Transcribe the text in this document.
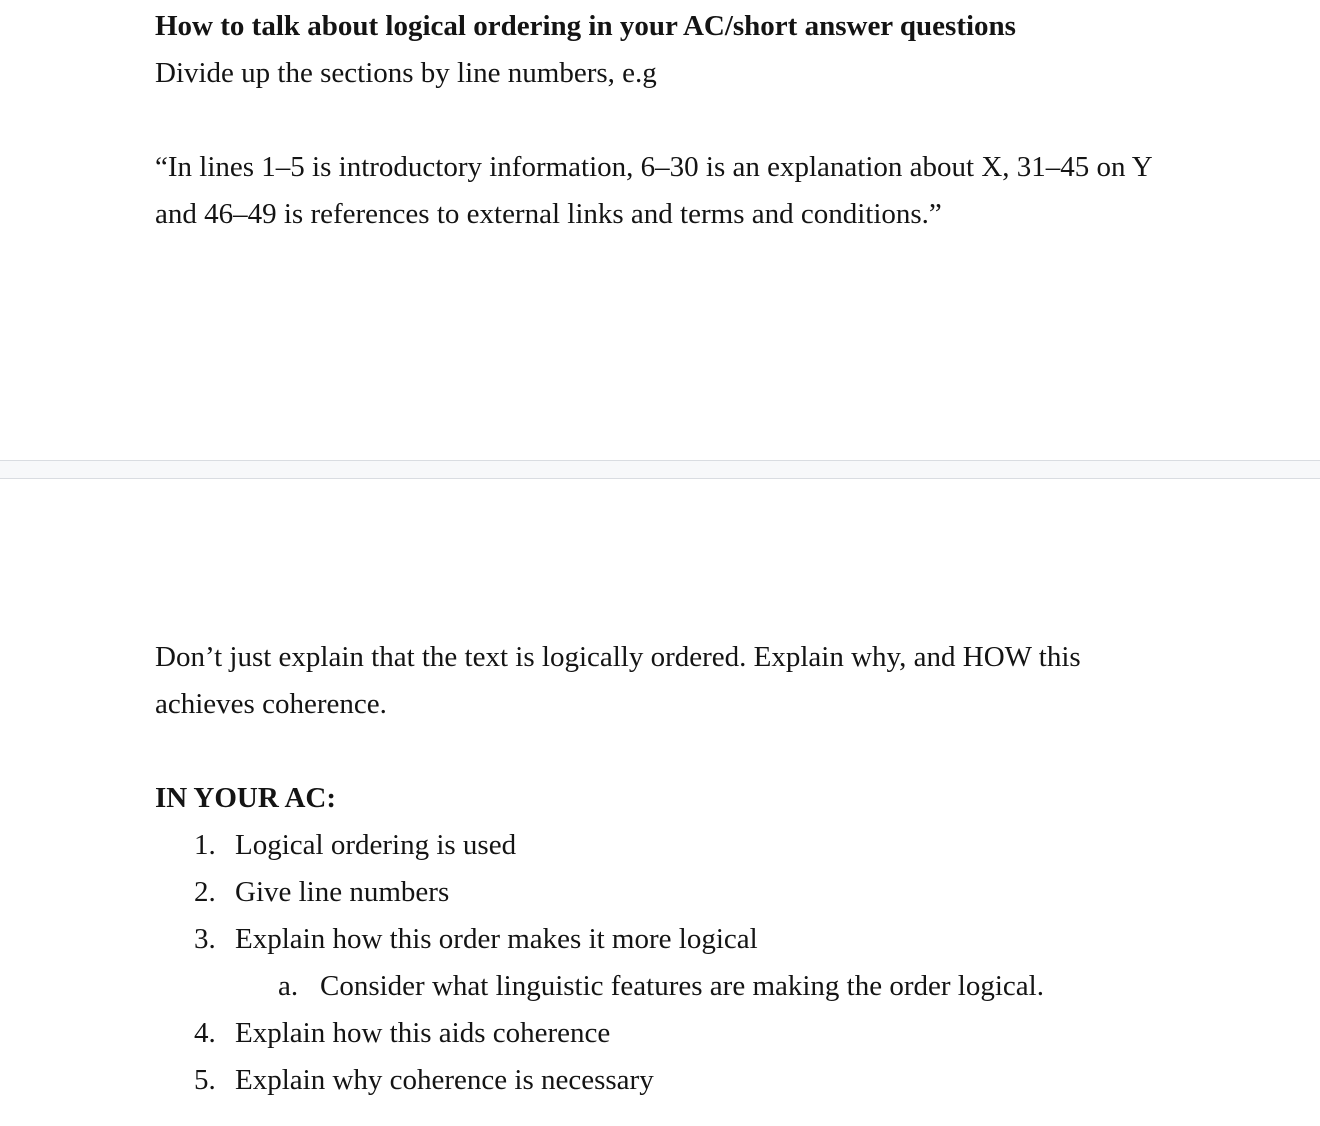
How to talk about logical ordering in your AC/short answer questions

Divide up the sections by line numbers, e.g

“In lines 1–5 is introductory information, 6–30 is an explanation about X, 31–45 on Y and 46–49 is references to external links and terms and conditions.”

Don’t just explain that the text is logically ordered. Explain why, and HOW this achieves coherence.

IN YOUR AC:

1. Logical ordering is used
2. Give line numbers
3. Explain how this order makes it more logical
a. Consider what linguistic features are making the order logical.
4. Explain how this aids coherence
5. Explain why coherence is necessary
